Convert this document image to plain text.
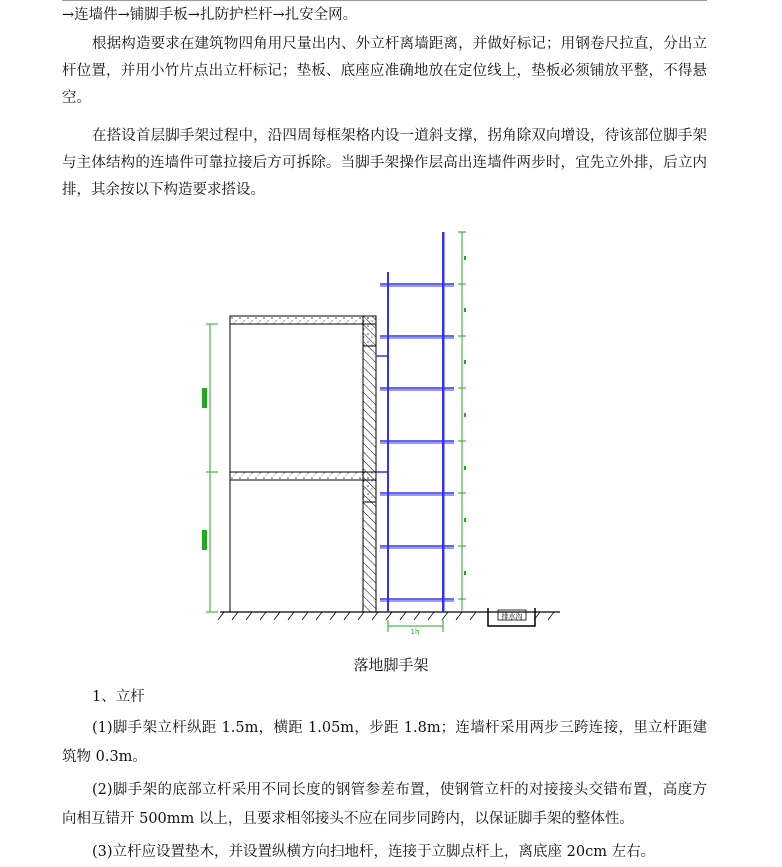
→连墙件→铺脚手板→扎防护栏杆→扎安全网。

根据构造要求在建筑物四角用尺量出内、外立杆离墙距离，并做好标记；用钢卷尺拉直，分出立杆位置，并用小竹片点出立杆标记；垫板、底座应准确地放在定位线上，垫板必须铺放平整，不得悬空。

在搭设首层脚手架过程中，沿四周每框架格内设一道斜支撑，拐角除双向增设，待该部位脚手架与主体结构的连墙件可靠拉接后方可拆除。当脚手架操作层高出连墙件两步时，宜先立外排，后立内排，其余按以下构造要求搭设。

排水沟
1h
落地脚手架
1、立杆

(1)脚手架立杆纵距 1.5m，横距 1.05m，步距 1.8m；连墙杆采用两步三跨连接，里立杆距建筑物 0.3m。

(2)脚手架的底部立杆采用不同长度的钢管参差布置，使钢管立杆的对接接头交错布置，高度方向相互错开 500mm 以上，且要求相邻接头不应在同步同跨内，以保证脚手架的整体性。

(3)立杆应设置垫木，并设置纵横方向扫地杆，连接于立脚点杆上，离底座 20cm 左右。
